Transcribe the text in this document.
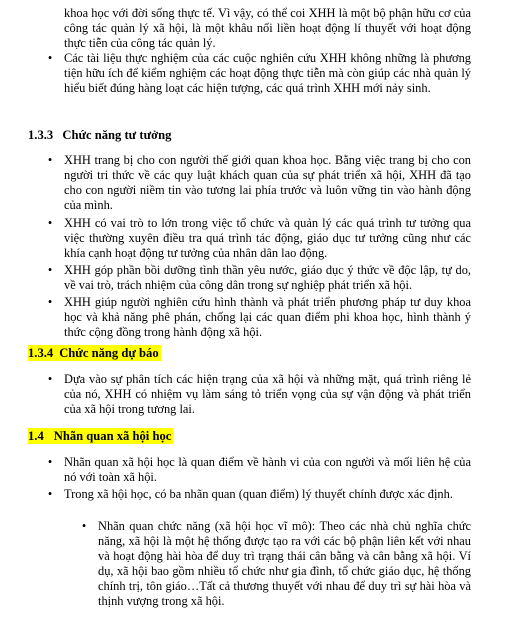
khoa học với đời sống thực tế. Vì vậy, có thể coi XHH là một bộ phận hữu cơ của công tác quản lý xã hội, là một khâu nối liền hoạt động lí thuyết với hoạt động thực tiễn của công tác quản lý.
•
Các tài liệu thực nghiệm của các cuộc nghiên cứu XHH không những là phương tiện hữu ích để kiểm nghiệm các hoạt động thực tiễn mà còn giúp các nhà quản lý hiểu biết đúng hàng loạt các hiện tượng, các quá trình XHH mới nảy sinh.
1.3.3 Chức năng tư tưởng
•
XHH trang bị cho con người thế giới quan khoa học. Bằng việc trang bị cho con người tri thức về các quy luật khách quan của sự phát triển xã hội, XHH đã tạo cho con người niềm tin vào tương lai phía trước và luôn vững tin vào hành động của mình.
•
XHH có vai trò to lớn trong việc tổ chức và quản lý các quá trình tư tưởng qua việc thường xuyên điều tra quá trình tác động, giáo dục tư tưởng cũng như các khía cạnh hoạt động tư tưởng của nhân dân lao động.
•
XHH góp phần bồi dưỡng tình thần yêu nước, giáo dục ý thức về độc lập, tự do, về vai trò, trách nhiệm của công dân trong sự nghiệp phát triển xã hội.
•
XHH giúp người nghiên cứu hình thành và phát triển phương pháp tư duy khoa học và khả năng phê phán, chống lại các quan điểm phi khoa học, hình thành ý thức cộng đồng trong hành động xã hội.
1.3.4 Chức năng dự báo
•
Dựa vào sự phân tích các hiện trạng của xã hội và những mặt, quá trình riêng lẻ của nó, XHH có nhiệm vụ làm sáng tỏ triển vọng của sự vận động và phát triển của xã hội trong tương lai.
1.4 Nhãn quan xã hội học
•
Nhãn quan xã hội học là quan điểm về hành vi của con người và mối liên hệ của nó với toàn xã hội.
•
Trong xã hội học, có ba nhãn quan (quan điểm) lý thuyết chính được xác định.
•
Nhãn quan chức năng (xã hội học vĩ mô): Theo các nhà chủ nghĩa chức năng, xã hội là một hệ thống được tạo ra với các bộ phận liên kết với nhau và hoạt động hài hòa để duy trì trạng thái cân bằng và cân bằng xã hội. Ví dụ, xã hội bao gồm nhiều tổ chức như gia đình, tổ chức giáo dục, hệ thống chính trị, tôn giáo…Tất cả thương thuyết với nhau để duy trì sự hài hòa và thịnh vượng trong xã hội.
